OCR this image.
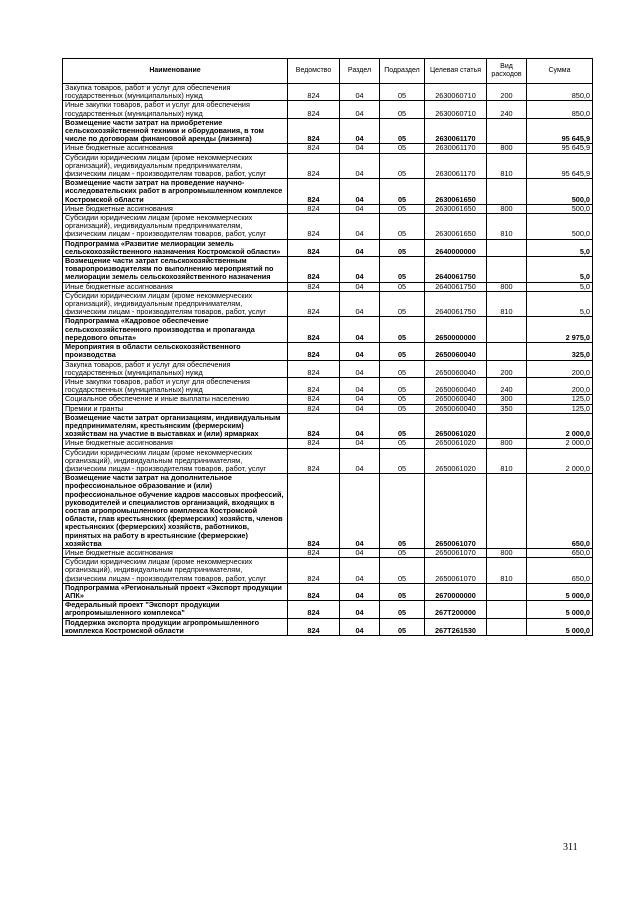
Наименование	Ведомство	Раздел	Подраздел	Целевая статья	Вид расходов	Сумма
Закупка товаров, работ и услуг для обеспечения государственных (муниципальных) нужд	824	04	05	2630060710	200	850,0
Иные закупки товаров, работ и услуг для обеспечения государственных (муниципальных) нужд	824	04	05	2630060710	240	850,0
Возмещение части затрат на приобретение сельскохозяйственной техники и оборудования, в том числе по договорам финансовой аренды (лизинга)	824	04	05	2630061170		95 645,9
Иные бюджетные ассигнования	824	04	05	2630061170	800	95 645,9
Субсидии юридическим лицам (кроме некоммерческих организаций), индивидуальным предпринимателям, физическим лицам - производителям товаров, работ, услуг	824	04	05	2630061170	810	95 645,9
Возмещение части затрат на проведение научно-исследовательских работ в агропромышленном комплексе Костромской области	824	04	05	2630061650		500,0
Иные бюджетные ассигнования	824	04	05	2630061650	800	500,0
Субсидии юридическим лицам (кроме некоммерческих организаций), индивидуальным предпринимателям, физическим лицам - производителям товаров, работ, услуг	824	04	05	2630061650	810	500,0
Подпрограмма «Развитие мелиорации земель сельскохозяйственного назначения Костромской области»	824	04	05	2640000000		5,0
Возмещение части затрат сельскохозяйственным товаропроизводителям по выполнению мероприятий по мелиорации земель сельскохозяйственного назначения	824	04	05	2640061750		5,0
Иные бюджетные ассигнования	824	04	05	2640061750	800	5,0
Субсидии юридическим лицам (кроме некоммерческих организаций), индивидуальным предпринимателям, физическим лицам - производителям товаров, работ, услуг	824	04	05	2640061750	810	5,0
Подпрограмма «Кадровое обеспечение сельскохозяйственного производства и пропаганда передового опыта»	824	04	05	2650000000		2 975,0
Мероприятия в области сельскохозяйственного производства	824	04	05	2650060040		325,0
Закупка товаров, работ и услуг для обеспечения государственных (муниципальных) нужд	824	04	05	2650060040	200	200,0
Иные закупки товаров, работ и услуг для обеспечения государственных (муниципальных) нужд	824	04	05	2650060040	240	200,0
Социальное обеспечение и иные выплаты населению	824	04	05	2650060040	300	125,0
Премии и гранты	824	04	05	2650060040	350	125,0
Возмещение части затрат организациям, индивидуальным предпринимателям, крестьянским (фермерским) хозяйствам на участие в выставках и (или) ярмарках	824	04	05	2650061020		2 000,0
Иные бюджетные ассигнования	824	04	05	2650061020	800	2 000,0
Субсидии юридическим лицам (кроме некоммерческих организаций), индивидуальным предпринимателям, физическим лицам - производителям товаров, работ, услуг	824	04	05	2650061020	810	2 000,0
Возмещение части затрат на дополнительное профессиональное образование и (или) профессиональное обучение кадров массовых профессий, руководителей и специалистов организаций, входящих в состав агропромышленного комплекса Костромской области, глав крестьянских (фермерских) хозяйств, членов крестьянских (фермерских) хозяйств, работников, принятых на работу в крестьянские (фермерские) хозяйства	824	04	05	2650061070		650,0
Иные бюджетные ассигнования	824	04	05	2650061070	800	650,0
Субсидии юридическим лицам (кроме некоммерческих организаций), индивидуальным предпринимателям, физическим лицам - производителям товаров, работ, услуг	824	04	05	2650061070	810	650,0
Подпрограмма «Региональный проект «Экспорт продукции АПК»	824	04	05	2670000000		5 000,0
Федеральный проект "Экспорт продукции агропромышленного комплекса"	824	04	05	267T200000		5 000,0
Поддержка экспорта продукции агропромышленного комплекса Костромской области	824	04	05	267T261530		5 000,0
311
